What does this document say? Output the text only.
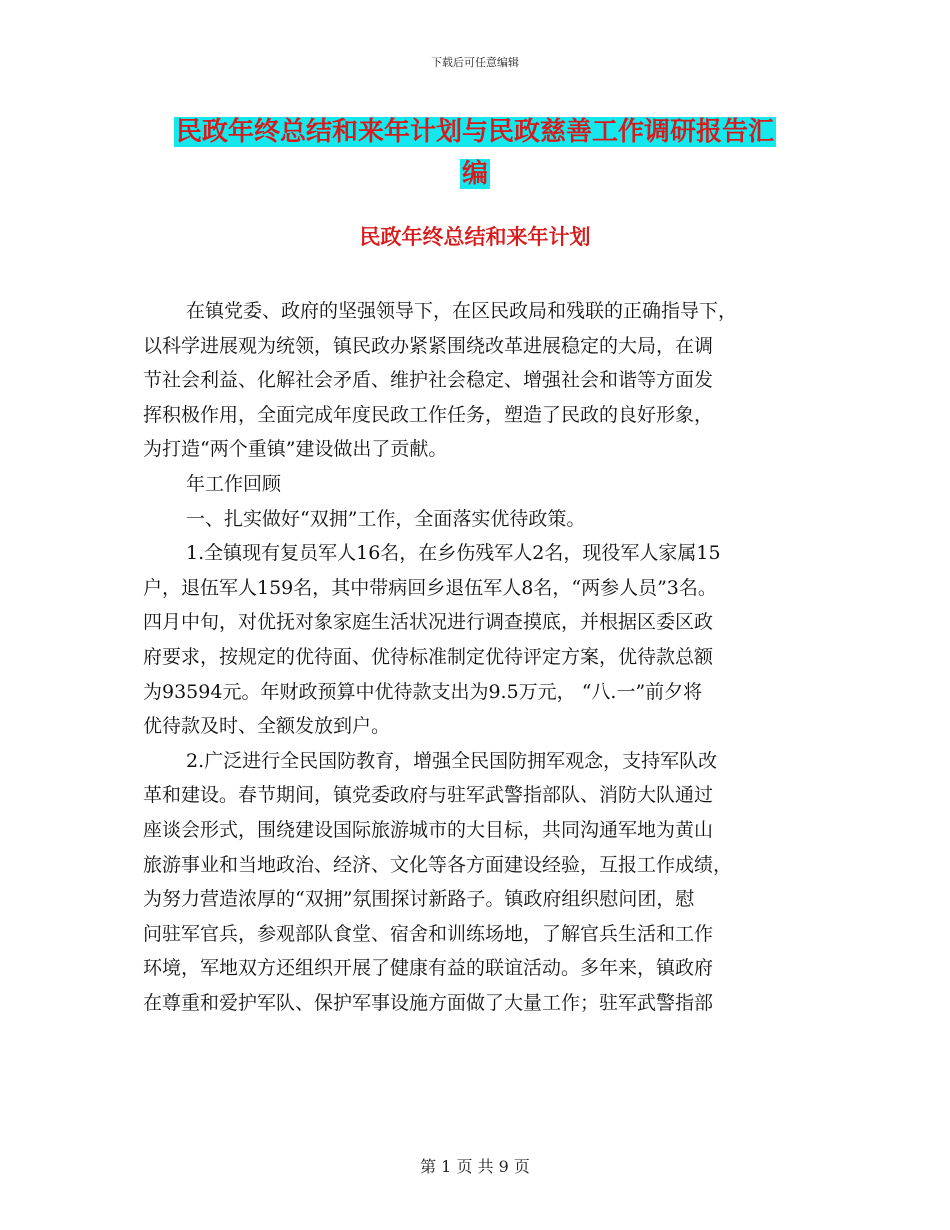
下载后可任意编辑
民政年终总结和来年计划与民政慈善工作调研报告汇
编
民政年终总结和来年计划
在镇党委、政府的坚强领导下，在区民政局和残联的正确指导下，
以科学进展观为统领，镇民政办紧紧围绕改革进展稳定的大局，在调
节社会利益、化解社会矛盾、维护社会稳定、增强社会和谐等方面发
挥积极作用，全面完成年度民政工作任务，塑造了民政的良好形象，
为打造“两个重镇”建设做出了贡献。
年工作回顾
一、扎实做好“双拥”工作，全面落实优待政策。
1.全镇现有复员军人16名，在乡伤残军人2名，现役军人家属15
户，退伍军人159名，其中带病回乡退伍军人8名，“两参人员”3名。
四月中旬，对优抚对象家庭生活状况进行调查摸底，并根据区委区政
府要求，按规定的优待面、优待标准制定优待评定方案，优待款总额
为93594元。年财政预算中优待款支出为9.5万元， “八.一”前夕将
优待款及时、全额发放到户。
2.广泛进行全民国防教育，增强全民国防拥军观念，支持军队改
革和建设。春节期间，镇党委政府与驻军武警指部队、消防大队通过
座谈会形式，围绕建设国际旅游城市的大目标，共同沟通军地为黄山
旅游事业和当地政治、经济、文化等各方面建设经验，互报工作成绩，
为努力营造浓厚的“双拥”氛围探讨新路子。镇政府组织慰问团，慰
问驻军官兵，参观部队食堂、宿舍和训练场地，了解官兵生活和工作
环境，军地双方还组织开展了健康有益的联谊活动。多年来，镇政府
在尊重和爱护军队、保护军事设施方面做了大量工作；驻军武警指部
第 1 页 共 9 页
